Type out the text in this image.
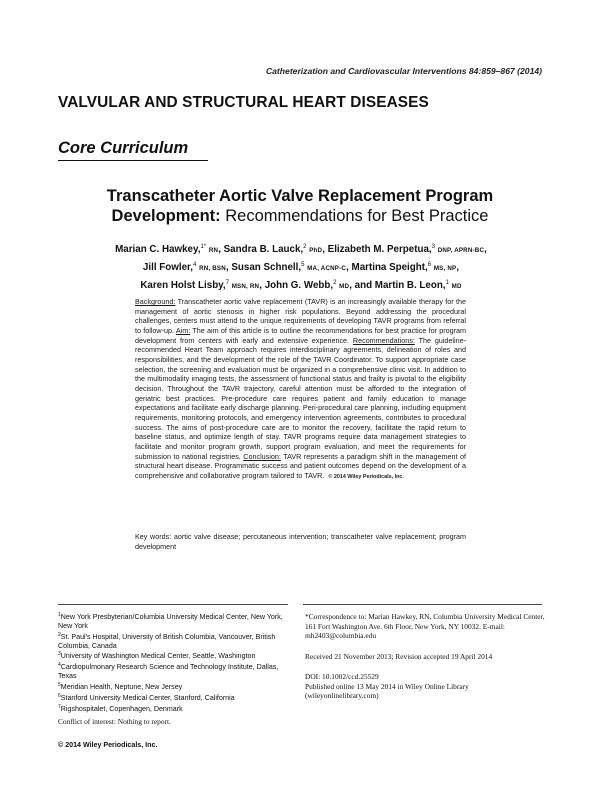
Catheterization and Cardiovascular Interventions 84:859–867 (2014)
VALVULAR AND STRUCTURAL HEART DISEASES
Core Curriculum
Transcatheter Aortic Valve Replacement Program
Development: Recommendations for Best Practice
Marian C. Hawkey,$^{1*}$ RN, Sandra B. Lauck,$^2$ PhD, Elizabeth M. Perpetua,$^3$ DNP, APRN-BC,
Jill Fowler,$^4$ RN, BSN, Susan Schnell,$^5$ MA, ACNP-C, Martina Speight,$^6$ MS, NP,
Karen Holst Lisby,$^7$ MSN, RN, John G. Webb,$^2$ MD, and Martin B. Leon,$^1$ MD
Background: Transcatheter aortic valve replacement (TAVR) is an increasingly available therapy for the management of aortic stenosis in higher risk populations. Beyond addressing the procedural challenges, centers must attend to the unique requirements of developing TAVR programs from referral to follow-up. Aim: The aim of this article is to outline the recommendations for best practice for program development from centers with early and extensive experience. Recommendations: The guideline-recommended Heart Team approach requires interdisciplinary agreements, delineation of roles and responsibilities, and the development of the role of the TAVR Coordinator. To support appropriate case selection, the screening and evaluation must be organized in a comprehensive clinic visit. In addition to the multimodality imaging tests, the assessment of functional status and frailty is pivotal to the eligibility decision. Throughout the TAVR trajectory, careful attention must be afforded to the integration of geriatric best practices. Pre-procedure care requires patient and family education to manage expectations and facilitate early discharge planning. Peri-procedural care planning, including equipment requirements, monitoring protocols, and emergency intervention agreements, contributes to procedural success. The aims of post-procedure care are to monitor the recovery, facilitate the rapid return to baseline status, and optimize length of stay. TAVR programs require data management strategies to facilitate and monitor program growth, support program evaluation, and meet the requirements for submission to national registries. Conclusion: TAVR represents a paradigm shift in the management of structural heart disease. Programmatic success and patient outcomes depend on the development of a comprehensive and collaborative program tailored to TAVR. © 2014 Wiley Periodicals, Inc.
Key words: aortic valve disease; percutaneous intervention; transcatheter valve replacement; program development
$^1$New York Presbyterian/Columbia University Medical Center, New York, New York
$^2$St. Paul's Hospital, University of British Columbia, Vancouver, British Columbia, Canada
$^3$University of Washington Medical Center, Seattle, Washington
$^4$Cardiopulmonary Research Science and Technology Institute, Dallas, Texas
$^5$Meridian Health, Neptune, New Jersey
$^6$Stanford University Medical Center, Stanford, California
$^7$Rigshospitalet, Copenhagen, Denmark
Conflict of interest: Nothing to report.
© 2014 Wiley Periodicals, Inc.
*Correspondence to: Marian Hawkey, RN, Columbia University Medical Center, 161 Fort Washington Ave. 6th Floor, New York, NY 10032. E-mail: mh2403@columbia.edu
Received 21 November 2013; Revision accepted 19 April 2014
DOI: 10.1002/ccd.25529
Published online 13 May 2014 in Wiley Online Library
(wileyonlinelibrary.com)
